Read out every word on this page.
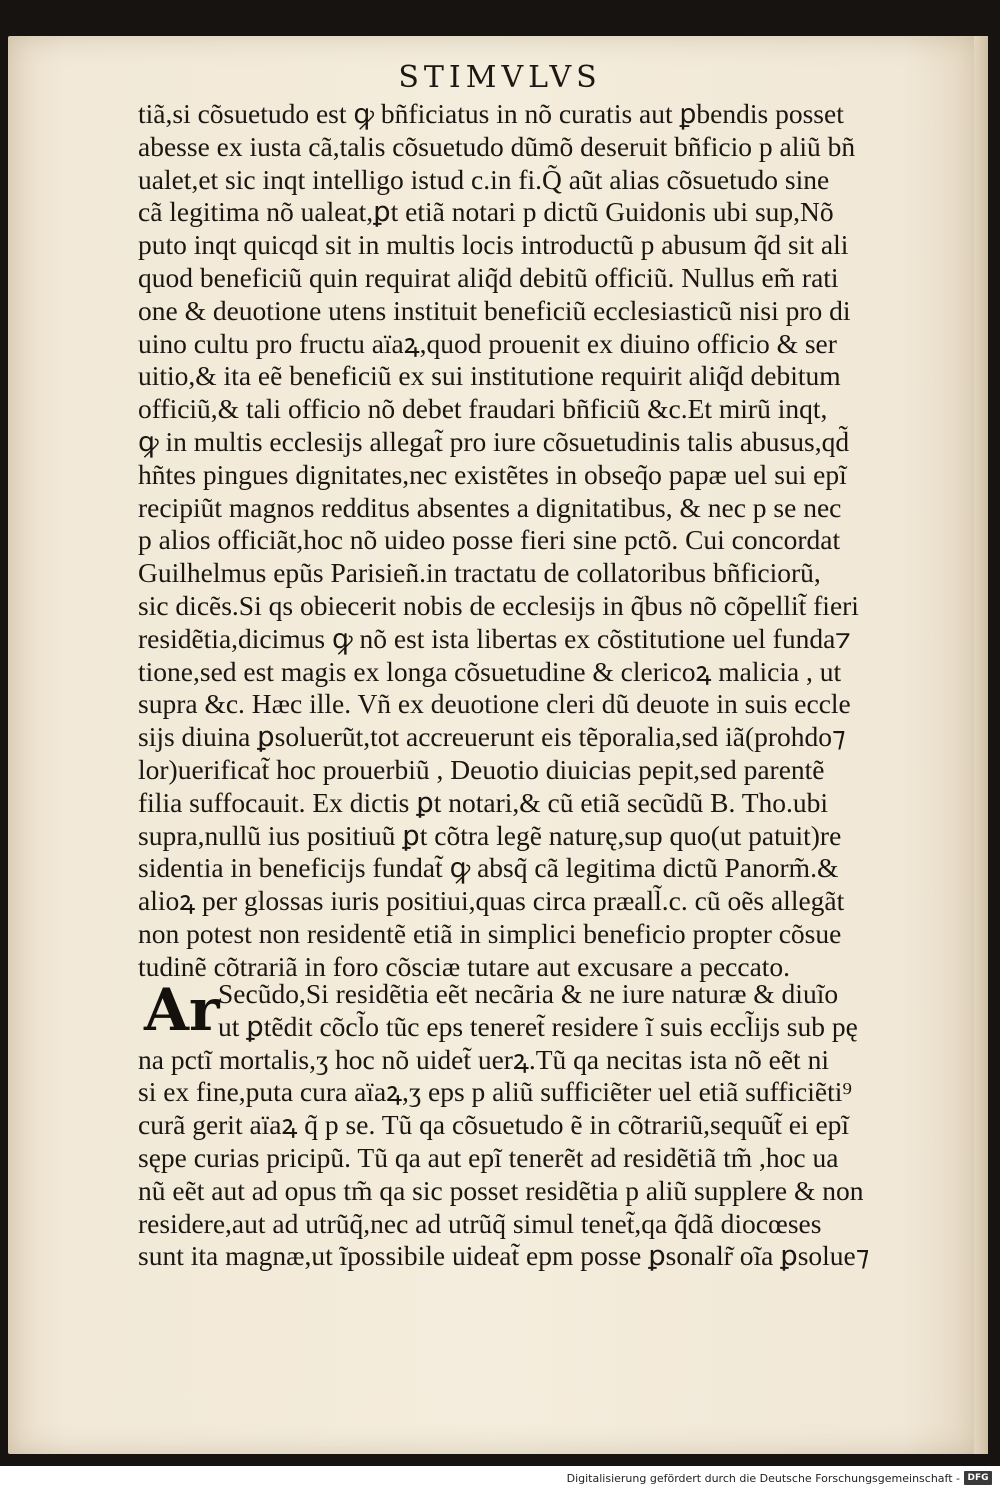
STIMVLVS
tiã,si cõsuetudo est ꝙ bñficiatus in nõ curatis aut ꝑbendis posset
abesse ex iusta cã,talis cõsuetudo dũmõ deseruit bñficio p aliũ bñ
ualet,et sic inqt intelligo istud c.in fi.Q̃ aũt alias cõsuetudo sine
cã legitima nõ ualeat,ꝑt etiã notari p dictũ Guidonis ubi sup,Nõ
puto inqt quicqd sit in multis locis introductũ p abusum q̃d sit ali
quod beneficiũ quin requirat aliq̃d debitũ officiũ. Nullus em̃ rati
one & deuotione utens instituit beneficiũ ecclesiasticũ nisi pro di
uino cultu pro fructu aïaꝝ,quod prouenit ex diuino officio & ser
uitio,& ita eẽ beneficiũ ex sui institutione requirit aliq̃d debitum
officiũ,& tali officio nõ debet fraudari bñficiũ &c.Et mirũ inqt,
ꝙ in multis ecclesijs allegat̃ pro iure cõsuetudinis talis abusus,qd̃
hñtes pingues dignitates,nec existẽtes in obseq̃o papæ uel sui epĩ
recipiũt magnos redditus absentes a dignitatibus, & nec p se nec
p alios officiãt,hoc nõ uideo posse fieri sine pctõ. Cui concordat
Guilhelmus epũs Parisieñ.in tractatu de collatoribus bñficiorũ,
sic dicẽs.Si qs obiecerit nobis de ecclesijs in q̃bus nõ cõpellit̃ fieri
residẽtia,dicimus ꝙ nõ est ista libertas ex cõstitutione uel funda⁊
tione,sed est magis ex longa cõsuetudine & clericoꝝ malicia , ut
supra &c. Hæc ille. Vñ ex deuotione cleri dũ deuote in suis eccle
sijs diuina ꝑsoluerũt,tot accreuerunt eis tẽporalia,sed iã(prohdo⁊
lor)uerificat̃ hoc prouerbiũ , Deuotio diuicias pepit,sed parentẽ
filia suffocauit. Ex dictis ꝑt notari,& cũ etiã secũdũ B. Tho.ubi
supra,nullũ ius positiuũ ꝑt cõtra legẽ naturę,sup quo(ut patuit)re
sidentia in beneficijs fundat̃ ꝙ absq̃ cã legitima dictũ Panorm̃.&
alioꝝ per glossas iuris positiui,quas circa præall̃.c. cũ oẽs allegãt
non potest non residentẽ etiã in simplici beneficio propter cõsue
tudinẽ cõtrariã in foro cõsciæ tutare aut excusare a peccato.
Ar
Secũdo,Si residẽtia eẽt necãria & ne iure naturæ & diuĩo
ut ꝑtẽdit cõcl̃o tũc eps teneret̃ residere ĩ suis eccl̃ijs sub pę
na pctĩ mortalis,ʒ hoc nõ uidet̃ uerꝝ.Tũ qa necitas ista nõ eẽt ni
si ex fine,puta cura aïaꝝ,ʒ eps p aliũ sufficiẽter uel etiã sufficiẽti⁹
curã gerit aïaꝝ q̃ p se. Tũ qa cõsuetudo ẽ in cõtrariũ,sequũt̃ ei epĩ
sępe curias pricipũ. Tũ qa aut epĩ tenerẽt ad residẽtiã tm̃ ,hoc ua
nũ eẽt aut ad opus tm̃ qa sic posset residẽtia p aliũ supplere & non
residere,aut ad utrũq̃,nec ad utrũq̃ simul tenet̃,qa q̃dã diocœses
sunt ita magnæ,ut ĩpossibile uideat̃ epm posse ꝑsonalr̃ oĩa ꝑsolue⁊
Digitalisierung gefördert durch die Deutsche Forschungsgemeinschaft - DFG
